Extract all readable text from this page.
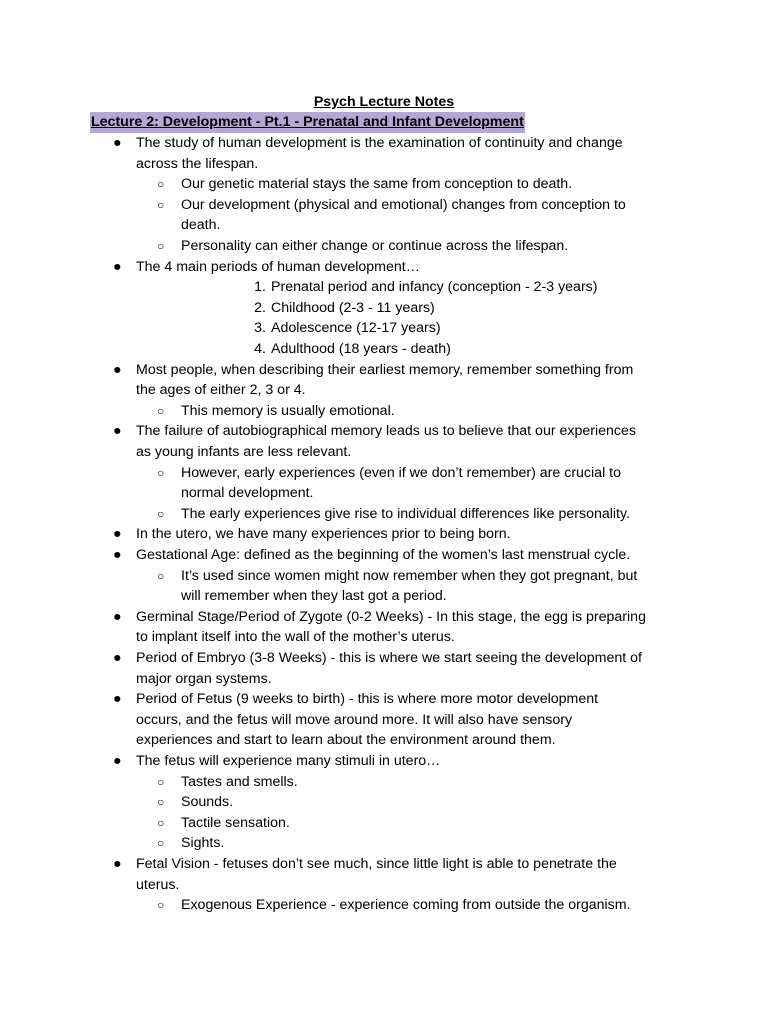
Psych Lecture Notes
Lecture 2: Development - Pt.1 - Prenatal and Infant Development
●	The study of human development is the examination of continuity and change
across the lifespan.
○	Our genetic material stays the same from conception to death.
○	Our development (physical and emotional) changes from conception to
death.
○	Personality can either change or continue across the lifespan.
●	The 4 main periods of human development…
1. Prenatal period and infancy (conception - 2-3 years)
2. Childhood (2-3 - 11 years)
3. Adolescence (12-17 years)
4. Adulthood (18 years - death)
●	Most people, when describing their earliest memory, remember something from
the ages of either 2, 3 or 4.
○	This memory is usually emotional.
●	The failure of autobiographical memory leads us to believe that our experiences
as young infants are less relevant.
○	However, early experiences (even if we don’t remember) are crucial to
normal development.
○	The early experiences give rise to individual differences like personality.
●	In the utero, we have many experiences prior to being born.
●	Gestational Age: defined as the beginning of the women’s last menstrual cycle.
○	It’s used since women might now remember when they got pregnant, but
will remember when they last got a period.
●	Germinal Stage/Period of Zygote (0-2 Weeks) - In this stage, the egg is preparing
to implant itself into the wall of the mother’s uterus.
●	Period of Embryo (3-8 Weeks) - this is where we start seeing the development of
major organ systems.
●	Period of Fetus (9 weeks to birth) - this is where more motor development
occurs, and the fetus will move around more. It will also have sensory
experiences and start to learn about the environment around them.
●	The fetus will experience many stimuli in utero…
○	Tastes and smells.
○	Sounds.
○	Tactile sensation.
○	Sights.
●	Fetal Vision - fetuses don’t see much, since little light is able to penetrate the
uterus.
○	Exogenous Experience - experience coming from outside the organism.
